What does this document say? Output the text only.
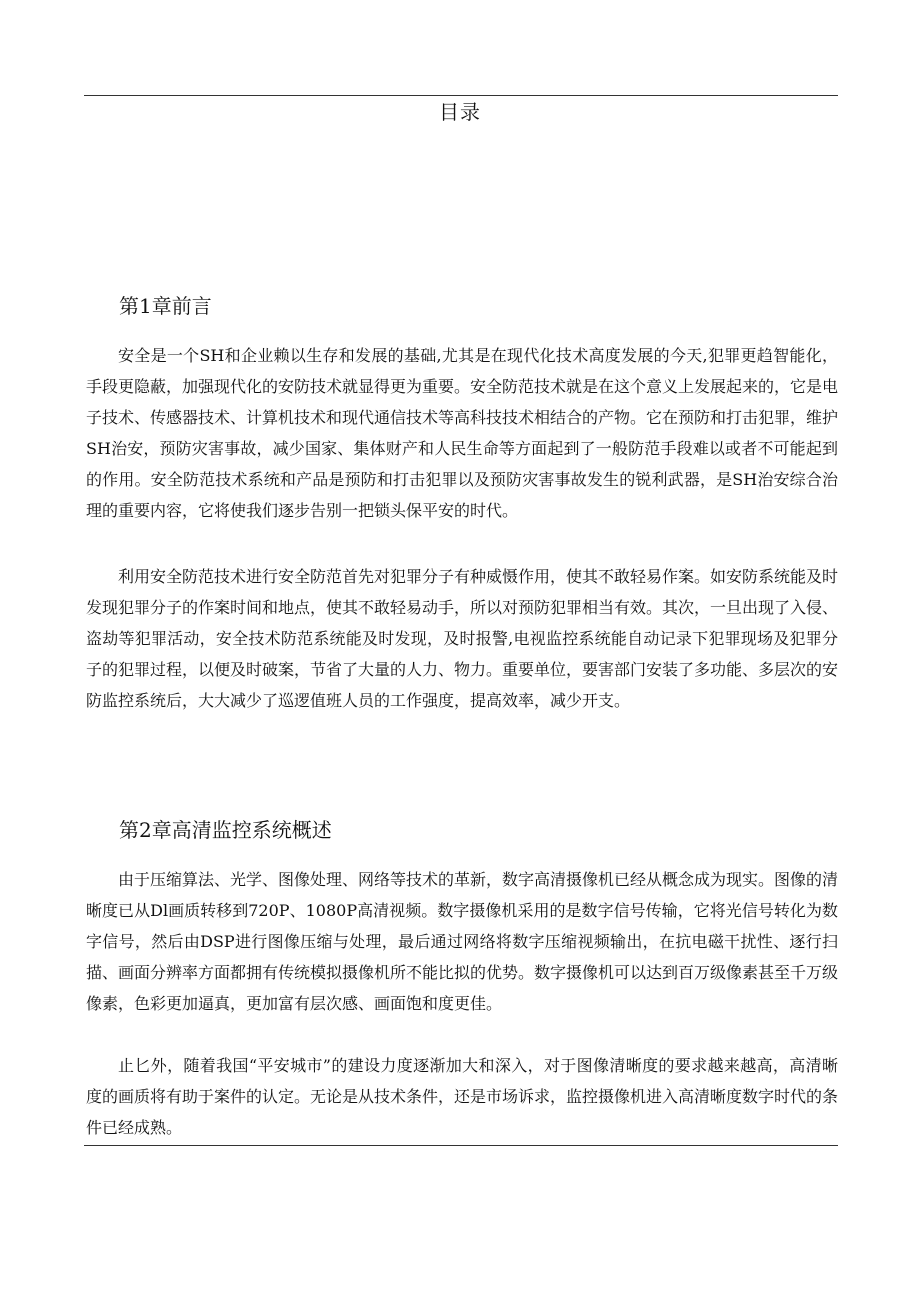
目录
第1章前言

安全是一个SH和企业赖以生存和发展的基础,尤其是在现代化技术高度发展的今天,犯罪更趋智能化，手段更隐蔽，加强现代化的安防技术就显得更为重要。安全防范技术就是在这个意义上发展起来的，它是电子技术、传感器技术、计算机技术和现代通信技术等高科技技术相结合的产物。它在预防和打击犯罪，维护SH治安，预防灾害事故，减少国家、集体财产和人民生命等方面起到了一般防范手段难以或者不可能起到的作用。安全防范技术系统和产品是预防和打击犯罪以及预防灾害事故发生的锐利武器，是SH治安综合治理的重要内容，它将使我们逐步告别一把锁头保平安的时代。

利用安全防范技术进行安全防范首先对犯罪分子有种威慑作用，使其不敢轻易作案。如安防系统能及时发现犯罪分子的作案时间和地点，使其不敢轻易动手，所以对预防犯罪相当有效。其次，一旦出现了入侵、盗劫等犯罪活动，安全技术防范系统能及时发现，及时报警,电视监控系统能自动记录下犯罪现场及犯罪分子的犯罪过程，以便及时破案，节省了大量的人力、物力。重要单位，要害部门安装了多功能、多层次的安防监控系统后，大大减少了巡逻值班人员的工作强度，提高效率，减少开支。

第2章高清监控系统概述

由于压缩算法、光学、图像处理、网络等技术的革新，数字高清摄像机已经从概念成为现实。图像的清晰度已从Dl画质转移到720P、1080P高清视频。数字摄像机采用的是数字信号传输，它将光信号转化为数字信号，然后由DSP进行图像压缩与处理，最后通过网络将数字压缩视频输出，在抗电磁干扰性、逐行扫描、画面分辨率方面都拥有传统模拟摄像机所不能比拟的优势。数字摄像机可以达到百万级像素甚至千万级像素，色彩更加逼真，更加富有层次感、画面饱和度更佳。

止匕外，随着我国“平安城市”的建设力度逐渐加大和深入，对于图像清晰度的要求越来越高，高清晰度的画质将有助于案件的认定。无论是从技术条件，还是市场诉求，监控摄像机进入高清晰度数字时代的条件已经成熟。
